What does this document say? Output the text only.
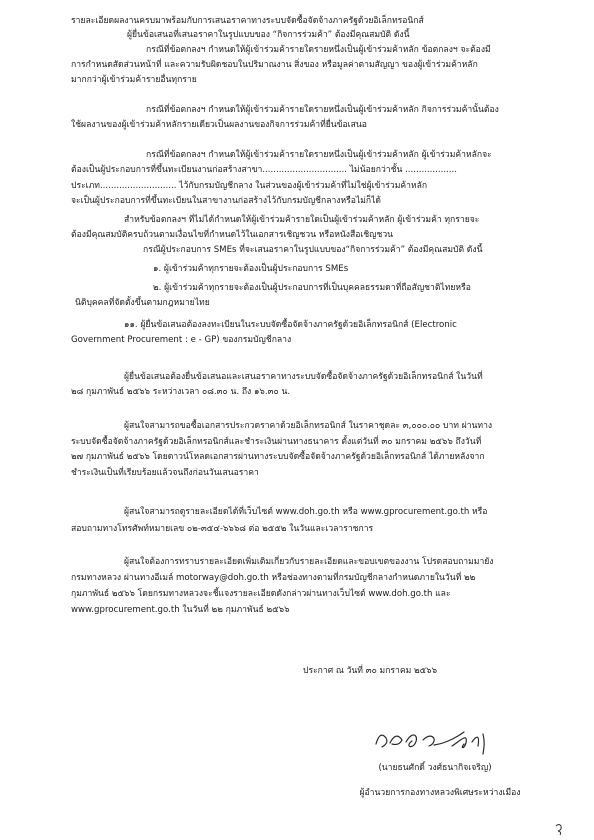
รายละเอียดผลงานครบมาพร้อมกับการเสนอราคาทางระบบจัดซื้อจัดจ้างภาครัฐด้วยอิเล็กทรอนิกส์
ผู้ยื่นข้อเสนอที่เสนอราคาในรูปแบบของ “กิจการร่วมค้า” ต้องมีคุณสมบัติ ดังนี้
กรณีที่ข้อตกลงฯ กำหนดให้ผู้เข้าร่วมค้ารายใดรายหนึ่งเป็นผู้เข้าร่วมค้าหลัก ข้อตกลงฯ จะต้องมี
การกำหนดสัดส่วนหน้าที่ และความรับผิดชอบในปริมาณงาน สิ่งของ หรือมูลค่าตามสัญญา ของผู้เข้าร่วมค้าหลัก
มากกว่าผู้เข้าร่วมค้ารายอื่นทุกราย
กรณีที่ข้อตกลงฯ กำหนดให้ผู้เข้าร่วมค้ารายใดรายหนึ่งเป็นผู้เข้าร่วมค้าหลัก กิจการร่วมค้านั้นต้อง
ใช้ผลงานของผู้เข้าร่วมค้าหลักรายเดียวเป็นผลงานของกิจการร่วมค้าที่ยื่นข้อเสนอ
กรณีที่ข้อตกลงฯ กำหนดให้ผู้เข้าร่วมค้ารายใดรายหนึ่งเป็นผู้เข้าร่วมค้าหลัก ผู้เข้าร่วมค้าหลักจะ
ต้องเป็นผู้ประกอบการที่ขึ้นทะเบียนงานก่อสร้างสาขา............................... ไม่น้อยกว่าชั้น ...................
ประเภท............................ ไว้กับกรมบัญชีกลาง ในส่วนของผู้เข้าร่วมค้าที่ไม่ใช่ผู้เข้าร่วมค้าหลัก
จะเป็นผู้ประกอบการที่ขึ้นทะเบียนในสาขางานก่อสร้างไว้กับกรมบัญชีกลางหรือไม่ก็ได้
สำหรับข้อตกลงฯ ที่ไม่ได้กำหนดให้ผู้เข้าร่วมค้ารายใดเป็นผู้เข้าร่วมค้าหลัก ผู้เข้าร่วมค้า ทุกรายจะ
ต้องมีคุณสมบัติครบถ้วนตามเงื่อนไขที่กำหนดไว้ในเอกสารเชิญชวน หรือหนังสือเชิญชวน
กรณีผู้ประกอบการ SMEs ที่จะเสนอราคาในรูปแบบของ“กิจการร่วมค้า” ต้องมีคุณสมบัติ ดังนี้
๑. ผู้เข้าร่วมค้าทุกรายจะต้องเป็นผู้ประกอบการ SMEs
๒. ผู้เข้าร่วมค้าทุกรายจะต้องเป็นผู้ประกอบการที่เป็นบุคคลธรรมดาที่ถือสัญชาติไทยหรือ
นิติบุคคลที่จัดตั้งขึ้นตามกฎหมายไทย
๑๑. ผู้ยื่นข้อเสนอต้องลงทะเบียนในระบบจัดซื้อจัดจ้างภาครัฐด้วยอิเล็กทรอนิกส์ (Electronic
Government Procurement : e - GP) ของกรมบัญชีกลาง
ผู้ยื่นข้อเสนอต้องยื่นข้อเสนอและเสนอราคาทางระบบจัดซื้อจัดจ้างภาครัฐด้วยอิเล็กทรอนิกส์ ในวันที่
๒๘ กุมภาพันธ์ ๒๕๖๖ ระหว่างเวลา ๐๘.๓๐ น. ถึง ๑๖.๓๐ น.
ผู้สนใจสามารถขอซื้อเอกสารประกวดราคาด้วยอิเล็กทรอนิกส์ ในราคาชุดละ ๓,๐๐๐.๐๐ บาท ผ่านทาง
ระบบจัดซื้อจัดจ้างภาครัฐด้วยอิเล็กทรอนิกส์และชำระเงินผ่านทางธนาคาร ตั้งแต่วันที่ ๓๐ มกราคม ๒๕๖๖ ถึงวันที่
๒๗ กุมภาพันธ์ ๒๕๖๖ โดยดาวน์โหลดเอกสารผ่านทางระบบจัดซื้อจัดจ้างภาครัฐด้วยอิเล็กทรอนิกส์ ได้ภายหลังจาก
ชำระเงินเป็นที่เรียบร้อยแล้วจนถึงก่อนวันเสนอราคา
ผู้สนใจสามารถดูรายละเอียดได้ที่เว็บไซต์ www.doh.go.th หรือ www.gprocurement.go.th หรือ
สอบถามทางโทรศัพท์หมายเลข ๐๒-๓๕๔-๖๖๖๘ ต่อ ๒๕๕๒ ในวันและเวลาราชการ
ผู้สนใจต้องการทราบรายละเอียดเพิ่มเติมเกี่ยวกับรายละเอียดและขอบเขตของงาน โปรดสอบถามมายัง
กรมทางหลวง ผ่านทางอีเมล์ motorway@doh.go.th หรือช่องทางตามที่กรมบัญชีกลางกำหนดภายในวันที่ ๒๒
กุมภาพันธ์ ๒๕๖๖ โดยกรมทางหลวงจะชี้แจงรายละเอียดดังกล่าวผ่านทางเว็บไซต์ www.doh.go.th และ
www.gprocurement.go.th ในวันที่ ๒๒ กุมภาพันธ์ ๒๕๖๖
ประกาศ ณ วันที่ ๓๐ มกราคม ๒๕๖๖
(นายธนศักดิ์ วงศ์ธนากิจเจริญ)
ผู้อำนวยการกองทางหลวงพิเศษระหว่างเมือง
